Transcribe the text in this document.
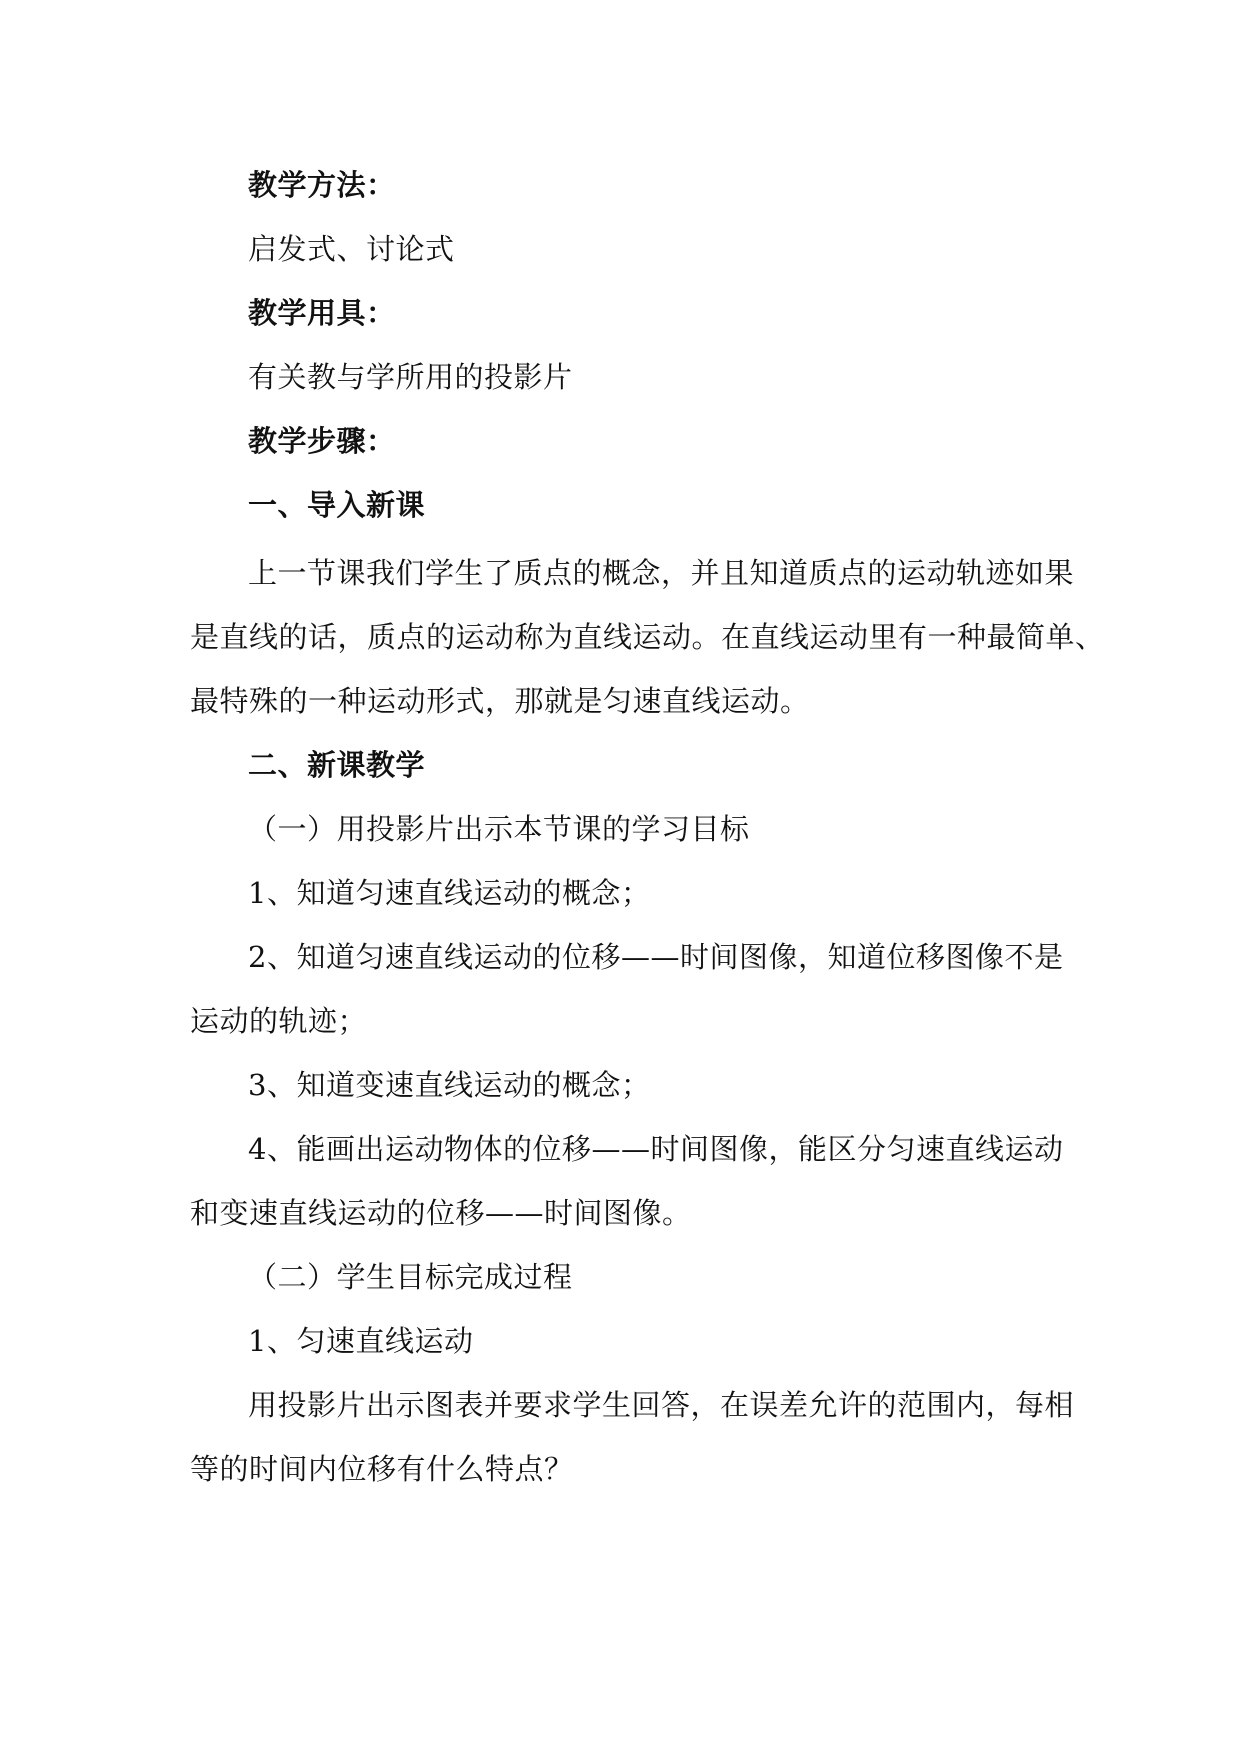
教学方法：
启发式、讨论式
教学用具：
有关教与学所用的投影片
教学步骤：
一、导入新课
上一节课我们学生了质点的概念，并且知道质点的运动轨迹如果
是直线的话，质点的运动称为直线运动。在直线运动里有一种最简单、
最特殊的一种运动形式，那就是匀速直线运动。
二、新课教学
（一）用投影片出示本节课的学习目标
1、知道匀速直线运动的概念；
2、知道匀速直线运动的位移——时间图像，知道位移图像不是
运动的轨迹；
3、知道变速直线运动的概念；
4、能画出运动物体的位移——时间图像，能区分匀速直线运动
和变速直线运动的位移——时间图像。
（二）学生目标完成过程
1、匀速直线运动
用投影片出示图表并要求学生回答，在误差允许的范围内，每相
等的时间内位移有什么特点？
